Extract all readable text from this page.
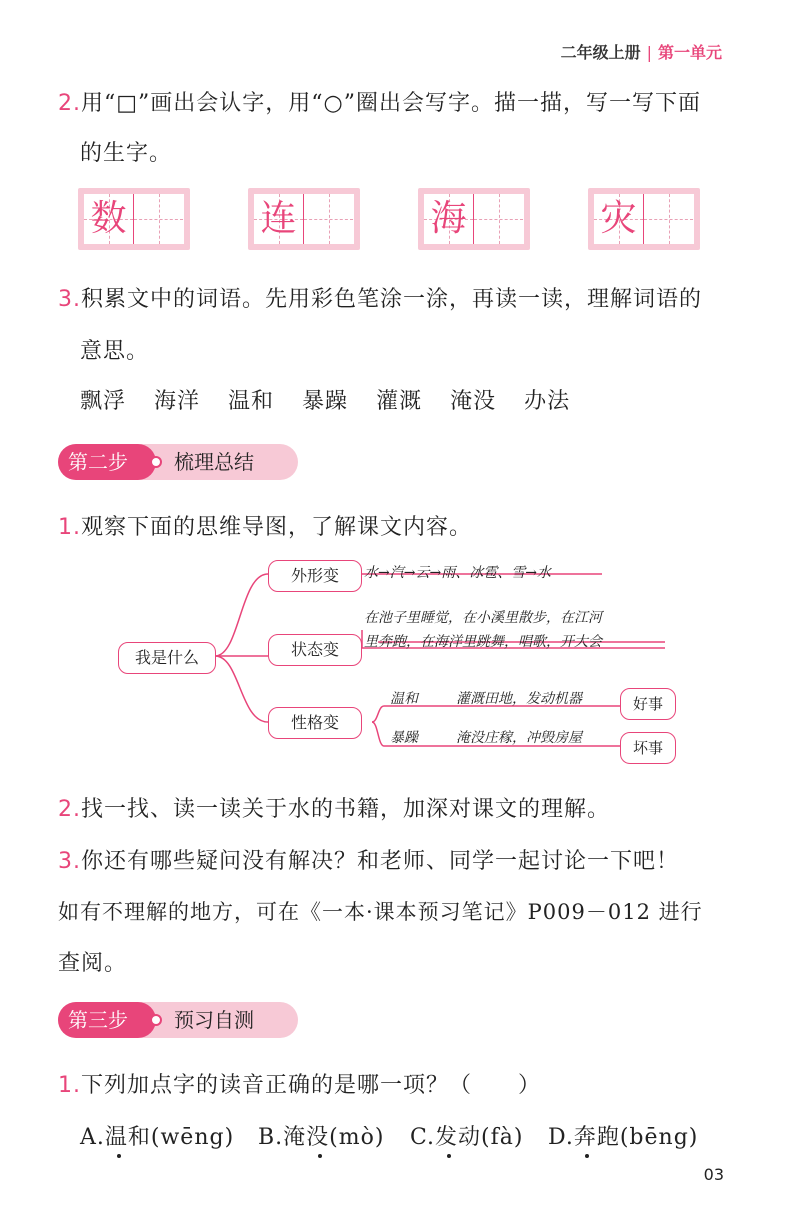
二年级上册 | 第一单元
2.用“□”画出会认字，用“○”圈出会写字。描一描，写一写下面
的生字。
数	连	海	灾
3.积累文中的词语。先用彩色笔涂一涂，再读一读，理解词语的
意思。
飘浮 海洋 温和 暴躁 灌溉 淹没 办法
第二步	梳理总结
1.观察下面的思维导图，了解课文内容。
我是什么
外形变
状态变
性格变
水→汽→云→雨、冰雹、雪→水
在池子里睡觉，在小溪里散步，在江河
里奔跑，在海洋里跳舞，唱歌，开大会
温和	灌溉田地，发动机器
暴躁	淹没庄稼，冲毁房屋
好事
坏事
2.找一找、读一读关于水的书籍，加深对课文的理解。
3.你还有哪些疑问没有解决？和老师、同学一起讨论一下吧！
如有不理解的地方，可在《一本·课本预习笔记》P009－012 进行
查阅。
第三步	预习自测
1.下列加点字的读音正确的是哪一项？（　　）
A.温和(wēng) B.淹没(mò) C.发动(fà) D.奔跑(bēng)
03
